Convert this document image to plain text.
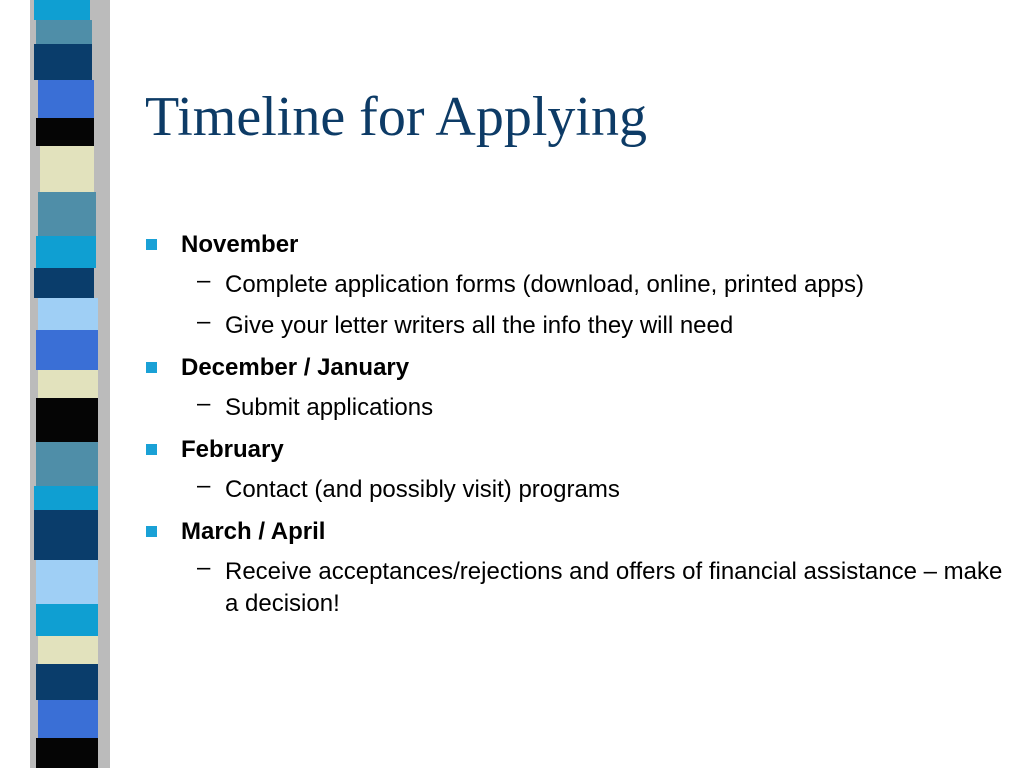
Timeline for Applying
November
– Complete application forms (download, online, printed apps)
– Give your letter writers all the info they will need
December / January
– Submit applications
February
– Contact (and possibly visit) programs
March / April
– Receive acceptances/rejections and offers of financial assistance – make a decision!
